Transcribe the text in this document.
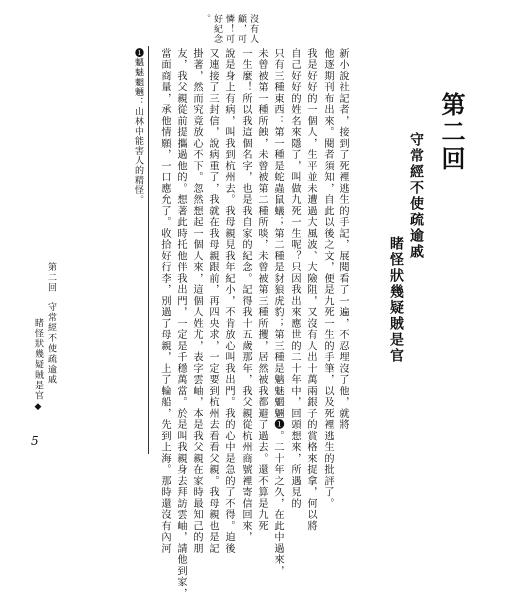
第二回
守常經不使疏逾戚
睹怪狀幾疑賊是官
新小說社記者，接到了死裡逃生的手記，展閱看了一遍，不忍埋沒了他，就將
他逐期刊布出來。閱者須知，自此以後之文，便是九死一生的手筆，以及死裡逃生的批評了。
我是好好的一個人，生平並未遭過大風波、大險阻，又沒有人出十萬兩銀子的賞格來捉拿，何以將
自己好好的姓名來隱了，叫做九死一生呢？只因我出來應世的二十年中，回頭想來，所遇見的
只有三種東西：第一種是蛇蟲鼠蟻；第二種是豺狼虎豹；第三種是魑魅魍魎❶。二十年之久，在此中過來，
未曾被第一種所蝕，未曾被第二種所啖，未曾被第三種所攫，居然被我都避了過去。還不算是九死
一生麼！所以我這個名字，也是我自家的紀念。記得我十五歲那年，我父親從杭州商號裡寄信回來，
說是身上有病，叫我到杭州去。我母親見我年紀小，不肯放心叫我出門。我的心中是急的了不得。迫後
又連接了三封信，說病重了，我就在我母親跟前，再四央求，一定要到杭州去看看父親。我母親也是記
掛著，然而究竟放心不下。忽然想起一個人來，這個人姓尤，表字雲岫，本是我父親在家時最知己的朋
友，我父親從前提攜過他的。想著此時托他伴我出門，一定是千穩萬當。於是叫我親身去拜訪雲岫，請他到家，
當面商量，承他情願，一口應允了。收拾好行李，別過了母親，上了輪船，先到上海。那時還沒有內河
沒有人
顧，可
憐！可
好紀念
。
❶魑魅魍魎：山林中能害人的精怪。
第二回
守常經不使疏逾戚
睹怪狀幾疑賊是官
◆
5
